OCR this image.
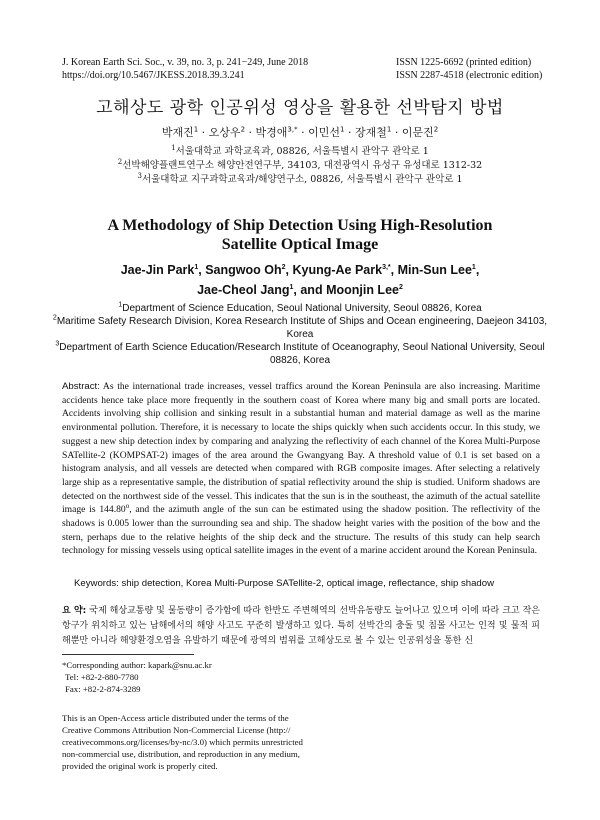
J. Korean Earth Sci. Soc., v. 39, no. 3, p. 241−249, June 2018
https://doi.org/10.5467/JKESS.2018.39.3.241
ISSN 1225-6692 (printed edition)
ISSN 2287-4518 (electronic edition)
고해상도 광학 인공위성 영상을 활용한 선박탐지 방법
박재진$^1$ · 오상우$^2$ · 박경애$^{3,*}$ · 이민선$^1$ · 장재철$^1$ · 이문진$^2$
$^1$서울대학교 과학교육과, 08826, 서울특별시 관악구 관악로 1
$^2$선박해양플랜트연구소 해양안전연구부, 34103, 대전광역시 유성구 유성대로 1312-32
$^3$서울대학교 지구과학교육과/해양연구소, 08826, 서울특별시 관악구 관악로 1
A Methodology of Ship Detection Using High-Resolution
Satellite Optical Image
Jae-Jin Park$^1$, Sangwoo Oh$^2$, Kyung-Ae Park$^{3,*}$, Min-Sun Lee$^1$,
Jae-Cheol Jang$^1$, and Moonjin Lee$^2$
$^1$Department of Science Education, Seoul National University, Seoul 08826, Korea
$^2$Maritime Safety Research Division, Korea Research Institute of Ships and Ocean engineering, Daejeon 34103, Korea
$^3$Department of Earth Science Education/Research Institute of Oceanography, Seoul National University, Seoul 08826, Korea
Abstract: As the international trade increases, vessel traffics around the Korean Peninsula are also increasing. Maritime accidents hence take place more frequently in the southern coast of Korea where many big and small ports are located. Accidents involving ship collision and sinking result in a substantial human and material damage as well as the marine environmental pollution. Therefore, it is necessary to locate the ships quickly when such accidents occur. In this study, we suggest a new ship detection index by comparing and analyzing the reflectivity of each channel of the Korea Multi-Purpose SATellite-2 (KOMPSAT-2) images of the area around the Gwangyang Bay. A threshold value of 0.1 is set based on a histogram analysis, and all vessels are detected when compared with RGB composite images. After selecting a relatively large ship as a representative sample, the distribution of spatial reflectivity around the ship is studied. Uniform shadows are detected on the northwest side of the vessel. This indicates that the sun is in the southeast, the azimuth of the actual satellite image is 144.80$^o$, and the azimuth angle of the sun can be estimated using the shadow position. The reflectivity of the shadows is 0.005 lower than the surrounding sea and ship. The shadow height varies with the position of the bow and the stern, perhaps due to the relative heights of the ship deck and the structure. The results of this study can help search technology for missing vessels using optical satellite images in the event of a marine accident around the Korean Peninsula.
Keywords: ship detection, Korea Multi-Purpose SATellite-2, optical image, reflectance, ship shadow
요 약: 국제 해상교통량 및 물동량이 증가함에 따라 한반도 주변해역의 선박유동량도 늘어나고 있으며 이에 따라 크고 작은 항구가 위치하고 있는 남해에서의 해양 사고도 꾸준히 발생하고 있다. 특히 선박간의 충돌 및 침몰 사고는 인적 및 물적 피해뿐만 아니라 해양환경오염을 유발하기 때문에 광역의 범위를 고해상도로 볼 수 있는 인공위성을 통한 신
*Corresponding author: kapark@snu.ac.kr
Tel: +82-2-880-7780
Fax: +82-2-874-3289
This is an Open-Access article distributed under the terms of the
Creative Commons Attribution Non-Commercial License (http://
creativecommons.org/licenses/by-nc/3.0) which permits unrestricted
non-commercial use, distribution, and reproduction in any medium,
provided the original work is properly cited.
